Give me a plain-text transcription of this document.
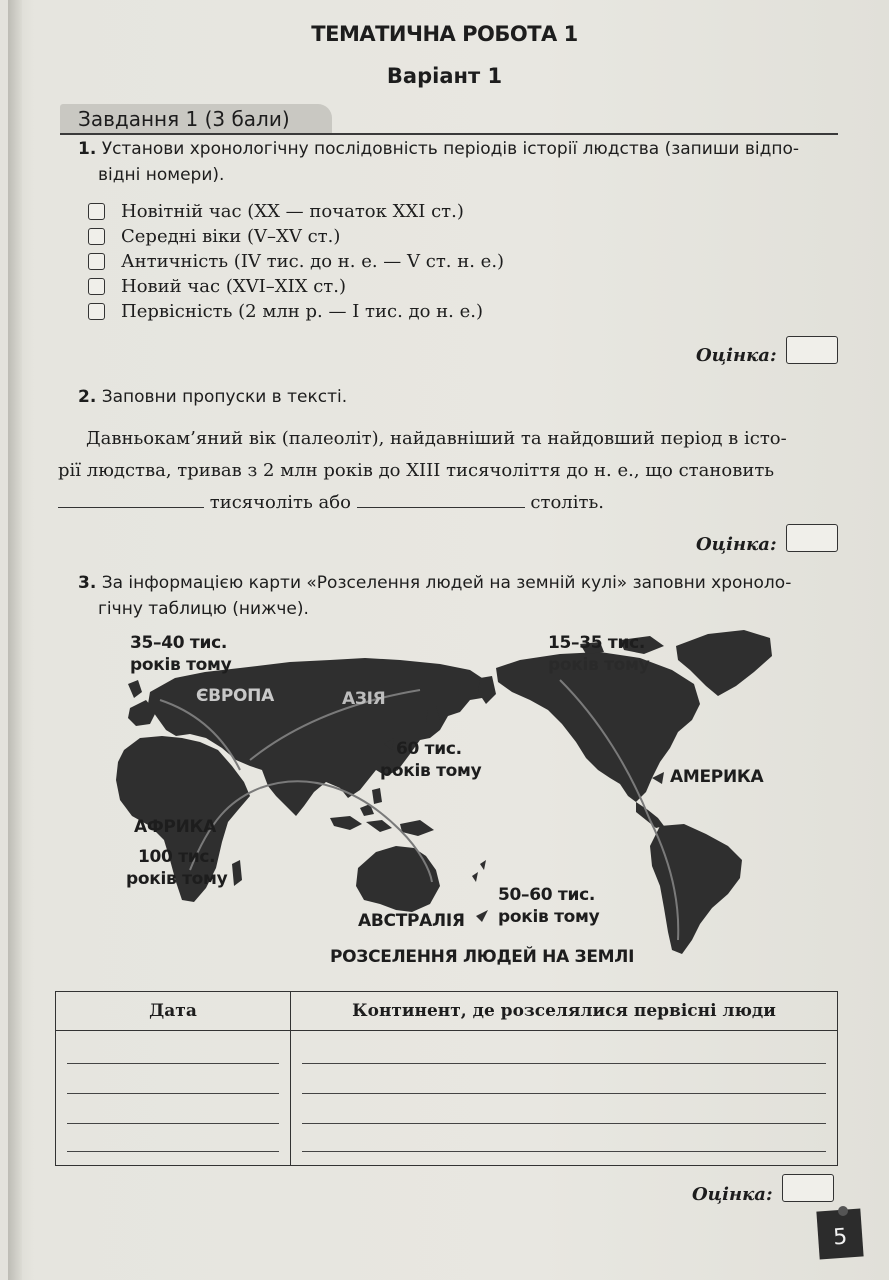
ТЕМАТИЧНА РОБОТА 1
Варіант 1
Завдання 1 (3 бали)
1. Установи хронологічну послідовність періодів історії людства (запиши відпо-
відні номери).
Новітній час (XX — початок XXI ст.)
Середні віки (V–XV ст.)
Античність (IV тис. до н. е. — V ст. н. е.)
Новий час (XVI–XIX ст.)
Первісність (2 млн р. — I тис. до н. е.)
Оцінка:
2. Заповни пропуски в тексті.
Давньокам’яний вік (палеоліт), найдавніший та найдовший період в істо-
рії людства, тривав з 2 млн років до XIII тисячоліття до н. е., що становить
тисячоліть або	століть.
Оцінка:
3. За інформацією карти «Розселення людей на земній кулі» заповни хроноло-
гічну таблицю (нижче).
35–40 тис.
років тому
15–35 тис.
років тому
ЄВРОПА	АЗІЯ
60 тис.
років тому	АМЕРИКА
АФРИКА
100 тис.
років тому
50–60 тис.
років тому
АВСТРАЛІЯ
РОЗСЕЛЕННЯ ЛЮДЕЙ НА ЗЕМЛІ
Дата	Континент, де розселялися первісні люди

Оцінка:
5
